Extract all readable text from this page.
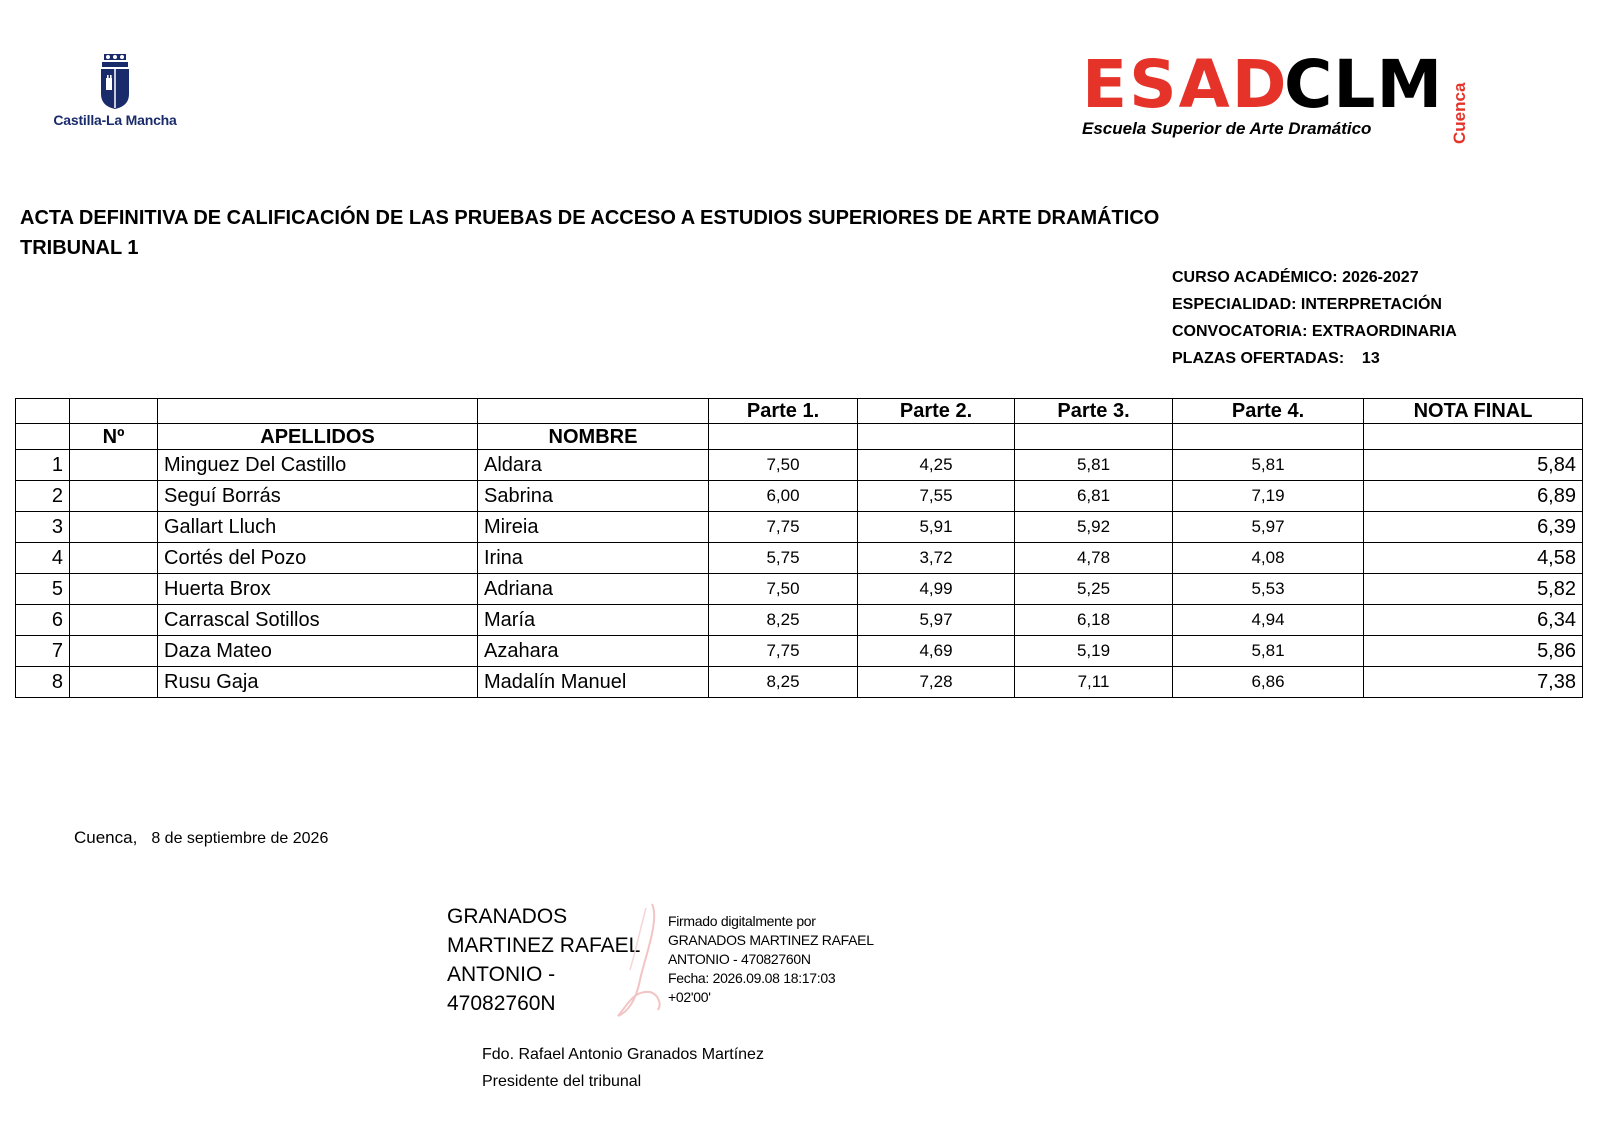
Castilla-La Mancha	ESAD
CLM
Escuela Superior de Arte Dramático	Cuenca
ACTA DEFINITIVA DE CALIFICACIÓN DE LAS PRUEBAS DE ACCESO A ESTUDIOS SUPERIORES DE ARTE DRAMÁTICO
TRIBUNAL 1
CURSO ACADÉMICO: 2026-2027
ESPECIALIDAD: INTERPRETACIÓN
CONVOCATORIA: EXTRAORDINARIA
PLAZAS OFERTADAS: 13
				Parte 1.	Parte 2.	Parte 3.	Parte 4.	NOTA FINAL
	Nº	APELLIDOS	NOMBRE					
1		Minguez Del Castillo	Aldara	7,50	4,25	5,81	5,81	5,84
2		Seguí Borrás	Sabrina	6,00	7,55	6,81	7,19	6,89
3		Gallart Lluch	Mireia	7,75	5,91	5,92	5,97	6,39
4		Cortés del Pozo	Irina	5,75	3,72	4,78	4,08	4,58
5		Huerta Brox	Adriana	7,50	4,99	5,25	5,53	5,82
6		Carrascal Sotillos	María	8,25	5,97	6,18	4,94	6,34
7		Daza Mateo	Azahara	7,75	4,69	5,19	5,81	5,86
8		Rusu Gaja	Madalín Manuel	8,25	7,28	7,11	6,86	7,38
Cuenca, 8 de septiembre de 2026
GRANADOS
MARTINEZ RAFAEL
ANTONIO -
47082760N
Firmado digitalmente por
GRANADOS MARTINEZ RAFAEL
ANTONIO - 47082760N
Fecha: 2026.09.08 18:17:03
+02'00'
Fdo. Rafael Antonio Granados Martínez
Presidente del tribunal
